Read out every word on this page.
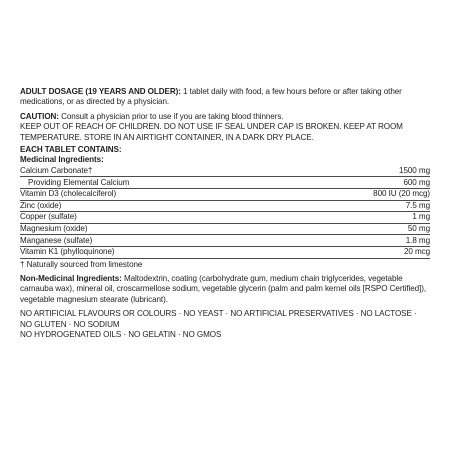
ADULT DOSAGE (19 YEARS AND OLDER): 1 tablet daily with food, a few hours before or after taking other medications, or as directed by a physician.

CAUTION: Consult a physician prior to use if you are taking blood thinners.

KEEP OUT OF REACH OF CHILDREN. DO NOT USE IF SEAL UNDER CAP IS BROKEN. KEEP AT ROOM TEMPERATURE. STORE IN AN AIRTIGHT CONTAINER, IN A DARK DRY PLACE.

EACH TABLET CONTAINS:

Medicinal Ingredients:

Calcium Carbonate†	1500 mg
Providing Elemental Calcium	600 mg
Vitamin D3 (cholecalciferol)	800 IU (20 mcg)
Zinc (oxide)	7.5 mg
Copper (sulfate)	1 mg
Magnesium (oxide)	50 mg
Manganese (sulfate)	1.8 mg
Vitamin K1 (phylloquinone)	20 mcg

† Naturally sourced from limestone

Non-Medicinal Ingredients: Maltodextrin, coating (carbohydrate gum, medium chain triglycerides, vegetable carnauba wax), mineral oil, croscarmellose sodium, vegetable glycerin (palm and palm kernel oils [RSPO Certified]), vegetable magnesium stearate (lubricant).

NO ARTIFICIAL FLAVOURS OR COLOURS · NO YEAST · NO ARTIFICIAL PRESERVATIVES · NO LACTOSE · NO GLUTEN · NO SODIUM

NO HYDROGENATED OILS · NO GELATIN · NO GMOS
